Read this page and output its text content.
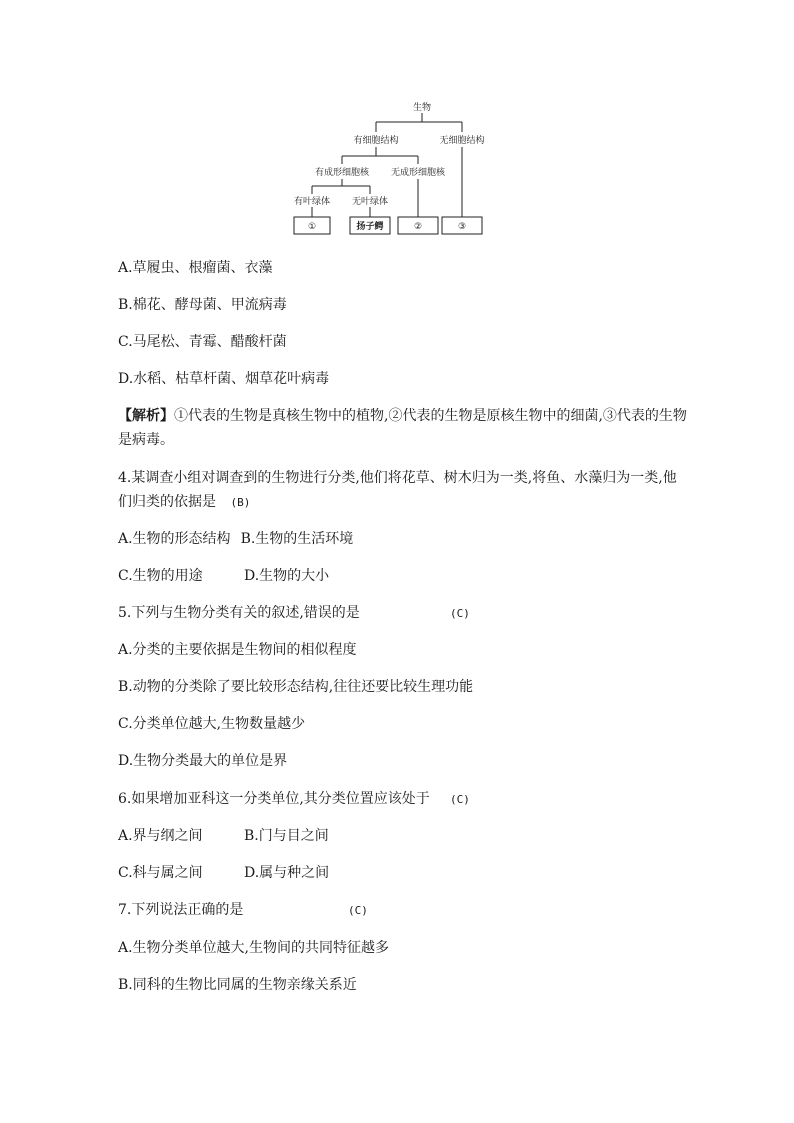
生物
有细胞结构	无细胞结构
有成形细胞核 无成形细胞核
有叶绿体 无叶绿体
①	扬子鳄	②	③
A.草履虫、根瘤菌、衣藻
B.棉花、酵母菌、甲流病毒
C.马尾松、青霉、醋酸杆菌
D.水稻、枯草杆菌、烟草花叶病毒
【解析】①代表的生物是真核生物中的植物,②代表的生物是原核生物中的细菌,③代表的生物是病毒。
4.某调查小组对调查到的生物进行分类,他们将花草、树木归为一类,将鱼、水藻归为一类,他们归类的依据是 (B)
A.生物的形态结构 B.生物的生活环境
C.生物的用途	D.生物的大小
5.下列与生物分类有关的叙述,错误的是	(C)
A.分类的主要依据是生物间的相似程度
B.动物的分类除了要比较形态结构,往往还要比较生理功能
C.分类单位越大,生物数量越少
D.生物分类最大的单位是界
6.如果增加亚科这一分类单位,其分类位置应该处于 (C)
A.界与纲之间	B.门与目之间
C.科与属之间	D.属与种之间
7.下列说法正确的是	(C)
A.生物分类单位越大,生物间的共同特征越多
B.同科的生物比同属的生物亲缘关系近
